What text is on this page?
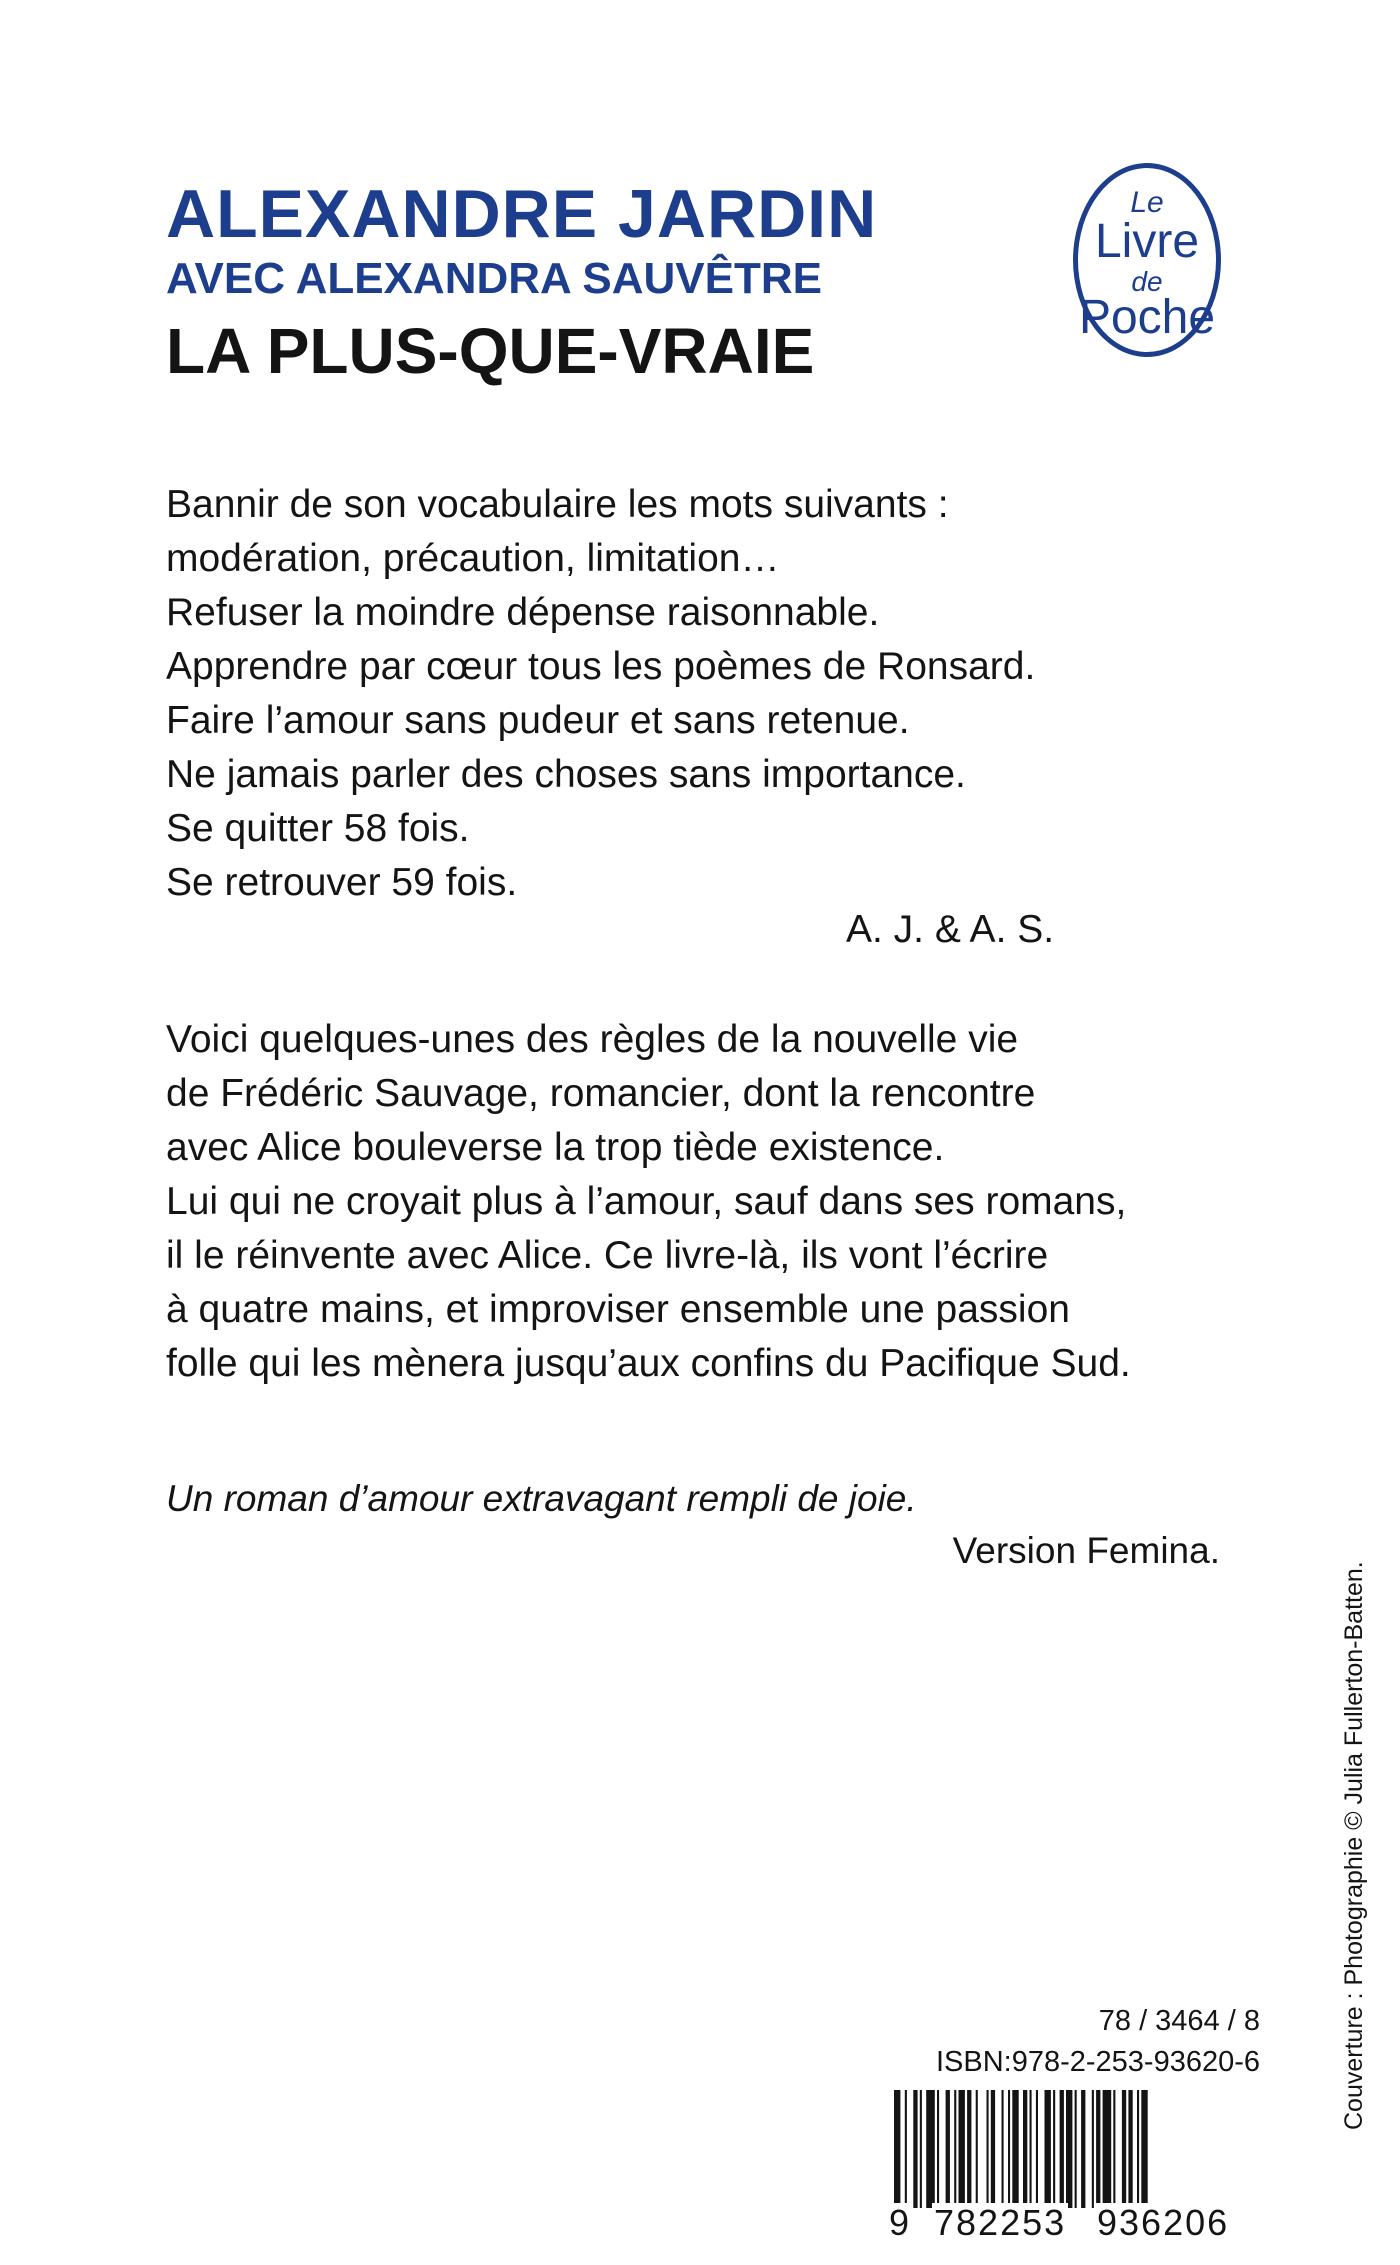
ALEXANDRE JARDIN
AVEC ALEXANDRA SAUVÊTRE
LA PLUS-QUE-VRAIE
Le
Livre
de
Poche
Bannir de son vocabulaire les mots suivants :
modération, précaution, limitation…
Refuser la moindre dépense raisonnable.
Apprendre par cœur tous les poèmes de Ronsard.
Faire l’amour sans pudeur et sans retenue.
Ne jamais parler des choses sans importance.
Se quitter 58 fois.
Se retrouver 59 fois.
A. J. & A. S.

Voici quelques-unes des règles de la nouvelle vie
de Frédéric Sauvage, romancier, dont la rencontre
avec Alice bouleverse la trop tiède existence.
Lui qui ne croyait plus à l’amour, sauf dans ses romans,
il le réinvente avec Alice. Ce livre-là, ils vont l’écrire
à quatre mains, et improviser ensemble une passion
folle qui les mènera jusqu’aux confins du Pacifique Sud.

Un roman d’amour extravagant rempli de joie.
Version Femina.
Couverture : Photographie © Julia Fullerton-Batten.
78 / 3464 / 8
ISBN:978-2-253-93620-6
9 782253 936206
